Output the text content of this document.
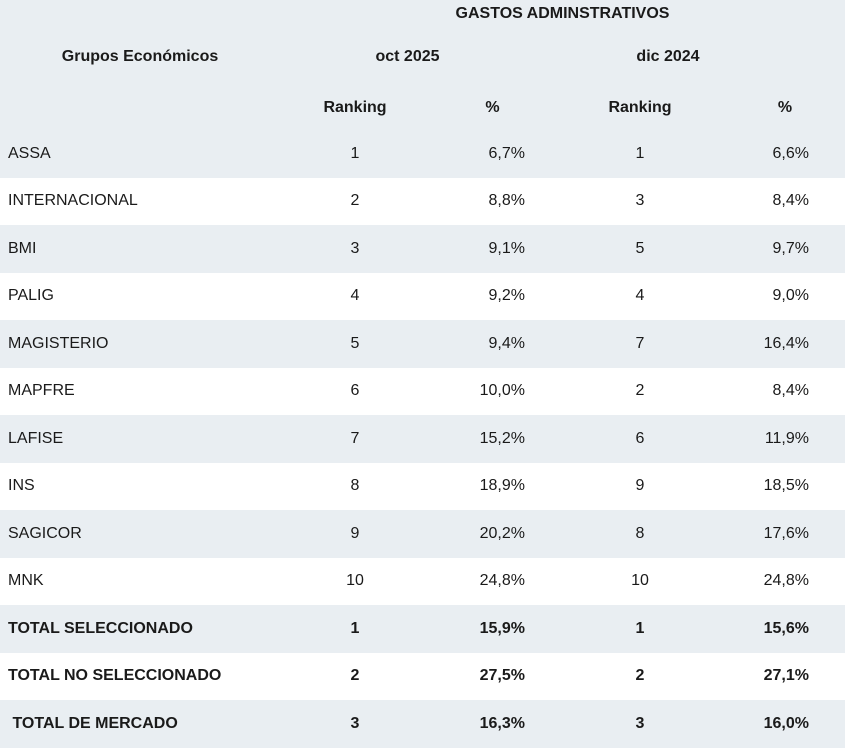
GASTOS ADMINSTRATIVOS
Grupos Económicos	oct 2025	dic 2024
Ranking	%	Ranking	%
ASSA	1	6,7%	1	6,6%
INTERNACIONAL	2	8,8%	3	8,4%
BMI	3	9,1%	5	9,7%
PALIG	4	9,2%	4	9,0%
MAGISTERIO	5	9,4%	7	16,4%
MAPFRE	6	10,0%	2	8,4%
LAFISE	7	15,2%	6	11,9%
INS	8	18,9%	9	18,5%
SAGICOR	9	20,2%	8	17,6%
MNK	10	24,8%	10	24,8%
TOTAL SELECCIONADO	1	15,9%	1	15,6%
TOTAL NO SELECCIONADO	2	27,5%	2	27,1%
TOTAL DE MERCADO	3	16,3%	3	16,0%
